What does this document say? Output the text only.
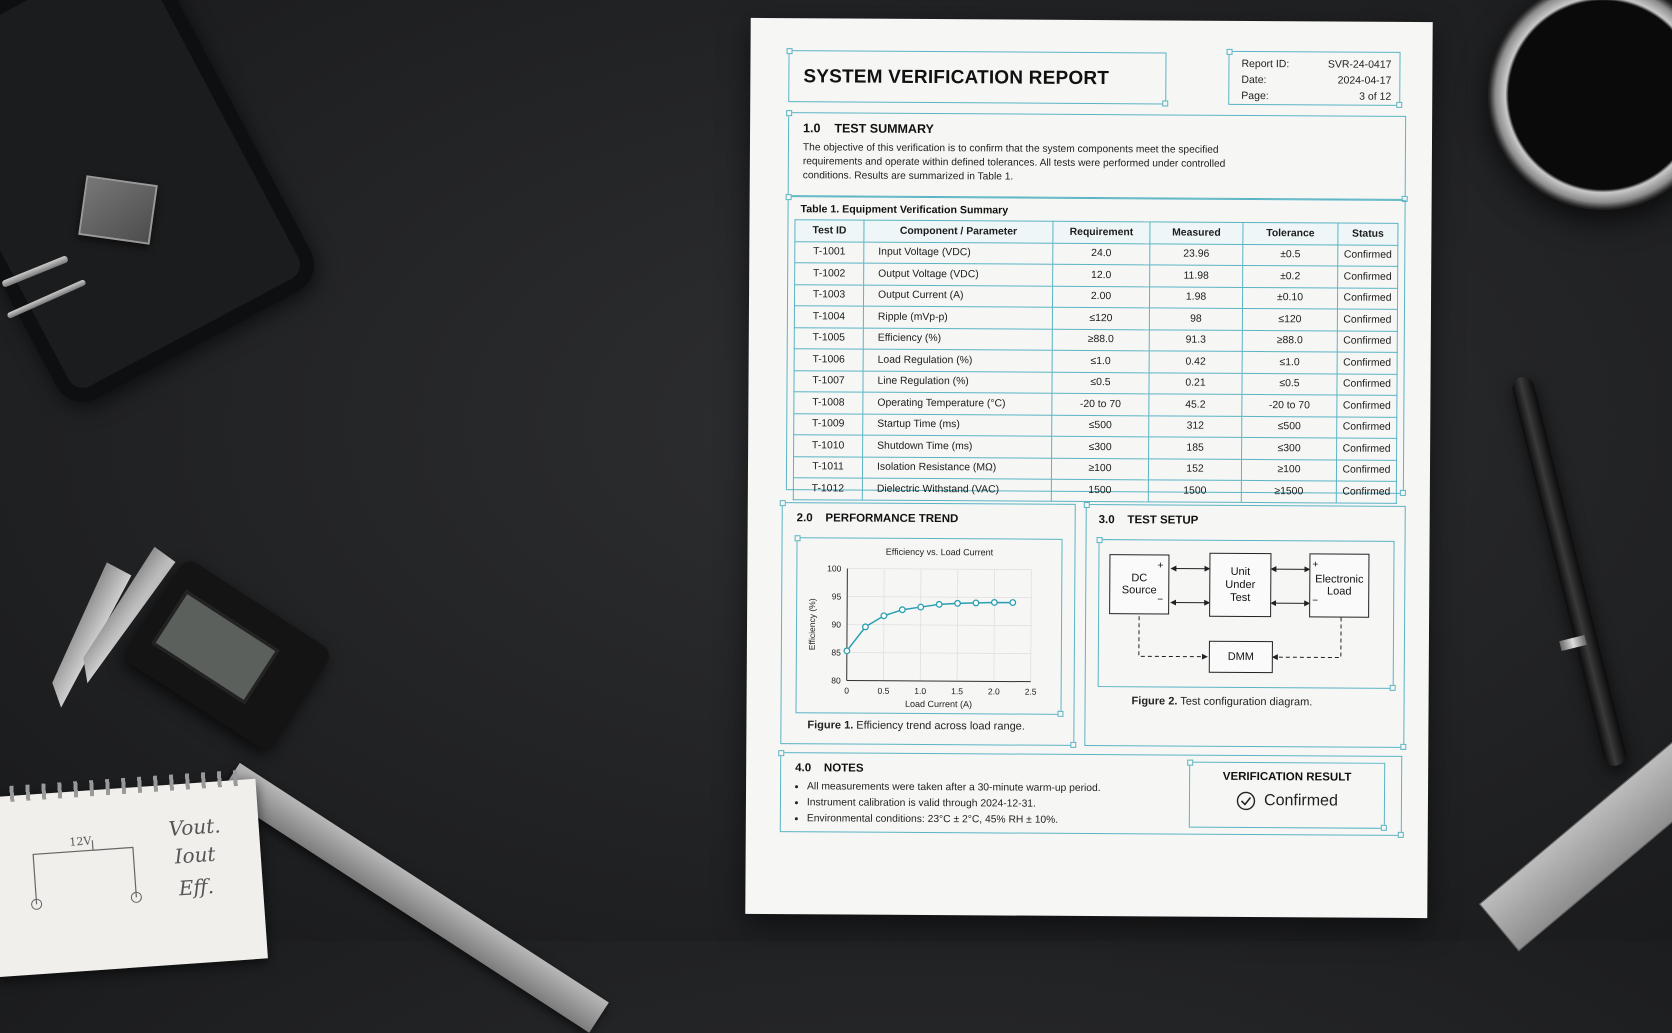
12V
Vout.
Iout
Eff.
SYSTEM VERIFICATION REPORT
Report ID:	SVR-24-0417
Date:	2024-04-17
Page:	3 of 12
1.0    TEST SUMMARY
The objective of this verification is to confirm that the system components meet the specified
requirements and operate within defined tolerances. All tests were performed under controlled
conditions. Results are summarized in Table 1.
Table 1. Equipment Verification Summary
Test ID	Component / Parameter	Requirement	Measured	Tolerance	Status
T-1001	Input Voltage (VDC)	24.0	23.96	±0.5	Confirmed
T-1002	Output Voltage (VDC)	12.0	11.98	±0.2	Confirmed
T-1003	Output Current (A)	2.00	1.98	±0.10	Confirmed
T-1004	Ripple (mVp-p)	≤120	98	≤120	Confirmed
T-1005	Efficiency (%)	≥88.0	91.3	≥88.0	Confirmed
T-1006	Load Regulation (%)	≤1.0	0.42	≤1.0	Confirmed
T-1007	Line Regulation (%)	≤0.5	0.21	≤0.5	Confirmed
T-1008	Operating Temperature (°C)	-20 to 70	45.2	-20 to 70	Confirmed
T-1009	Startup Time (ms)	≤500	312	≤500	Confirmed
T-1010	Shutdown Time (ms)	≤300	185	≤300	Confirmed
T-1011	Isolation Resistance (MΩ)	≥100	152	≥100	Confirmed
T-1012	Dielectric Withstand (VAC)	1500	1500	≥1500	Confirmed
2.0    PERFORMANCE TREND
80
85
90
95
100
0	0.5	1.0	1.5	2.0	2.5
Efficiency vs. Load Current
Load Current (A)
Efficiency (%)
Figure 1. Efficiency trend across load range.
3.0    TEST SETUP
DC
Source
+
−
Unit
Under
Test
Electronic
Load
+
−
DMM
Figure 2. Test configuration diagram.
4.0    NOTES
• All measurements were taken after a 30-minute warm-up period.
• Instrument calibration is valid through 2024-12-31.
• Environmental conditions: 23°C ± 2°C, 45% RH ± 10%.
VERIFICATION RESULT
Confirmed
